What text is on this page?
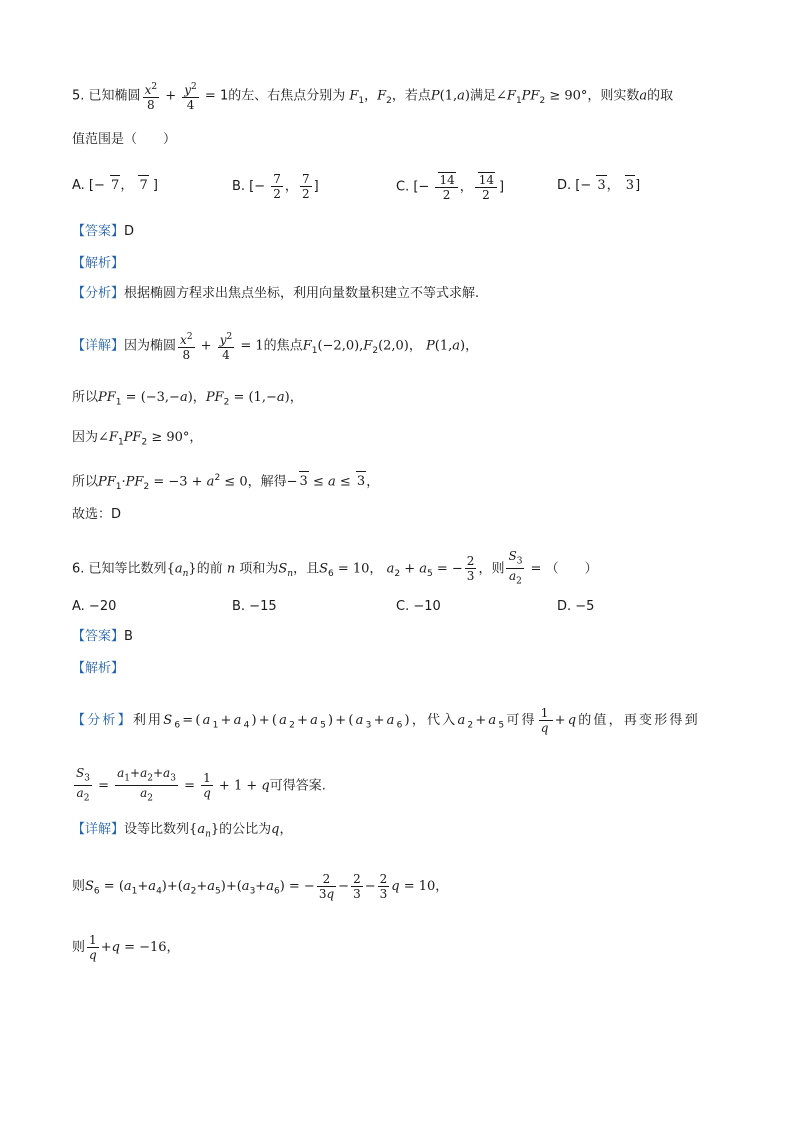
5. 已知椭圆 $\frac{x^2}{8} + \frac{y^2}{4} = 1$的左、右焦点分别为 $F_1$，$F_2$，若点P(1,a)满足$\angle F_1PF_2 \ge 90^\circ$，则实数a的取
值范围是（　　）
A. [− 7， 7 ]	B. [− $\frac{7}{2}$ ， $\frac{7}{2}$ ]	C. [− $\frac{14}{2}$ ， $\frac{14}{2}$ ]	D. [− 3， 3]
【答案】D
【解析】
【分析】根据椭圆方程求出焦点坐标，利用向量数量积建立不等式求解.
【详解】因为椭圆 $\frac{x^2}{8} + \frac{y^2}{4} = 1$的焦点$F_1(-2,0),F_2(2,0)$， P(1,a)，
所以$PF_1 = (-3,-a)$，$PF_2 = (1,-a)$，
因为$\angle F_1PF_2 \ge 90^\circ$，
所以$PF_1\cdot PF_2 = -3 + a^2 \le 0$，解得− 3 ≤ a ≤ 3，
故选：D
6. 已知等比数列$\{a_n\}$的前 n 项和为$S_n$，且$S_6 = 10$， $a_2 + a_5$ = − $\frac{2}{3}$ ，则 $\frac{S_3}{a_2}$ = （　　）
A. −20	B. −15	C. −10	D. −5
【答案】B
【解析】
【分析】利用$S_6=(a_1+a_4)+(a_2+a_5)+(a_3+a_6)$，代入$a_2+a_5$可得 $\frac{1}{q} +q$的值，再变形得到
$\frac{S_3}{a_2} = \frac{a_1+a_2+a_3}{a_2} = \frac{1}{q} + 1 + q$可得答案.
【详解】设等比数列$\{a_n\}$的公比为q，
则$S_6 = (a_1+a_4)+(a_2+a_5)+(a_3+a_6)$ = − $\frac{2}{3q} - \frac{2}{3} - \frac{2}{3}$ q = 10，
则 $\frac{1}{q} +q = -16$，
